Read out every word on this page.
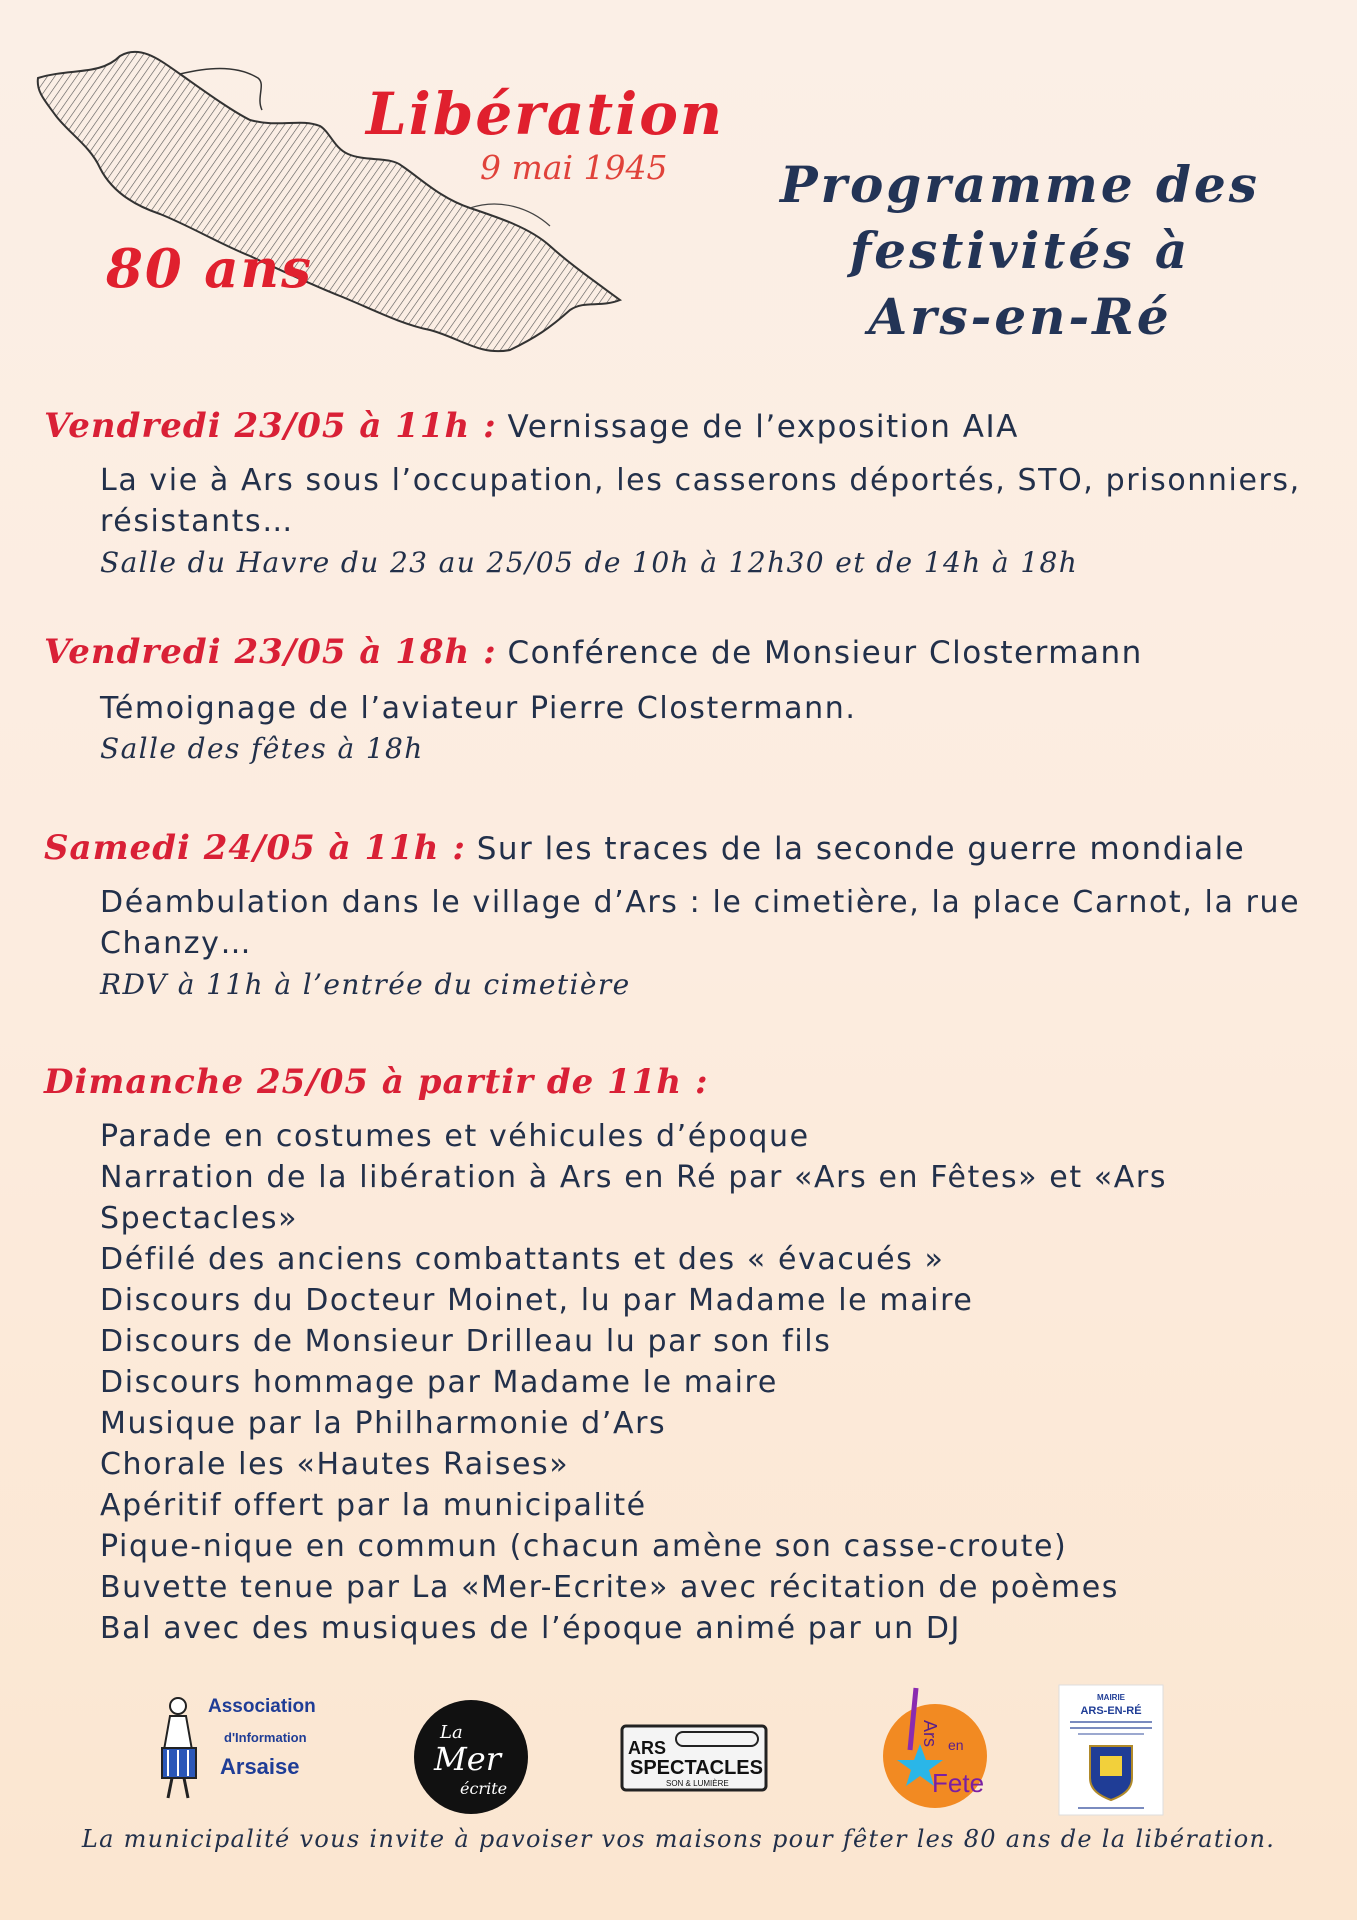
Libération
9 mai 1945
80 ans
Programme des
festivités à
Ars-en-Ré
Vendredi 23/05 à 11h : Vernissage de l’exposition AIA
La vie à Ars sous l’occupation, les casserons déportés, STO, prisonniers, résistants…
Salle du Havre du 23 au 25/05 de 10h à 12h30 et de 14h à 18h
Vendredi 23/05 à 18h : Conférence de Monsieur Clostermann
Témoignage de l’aviateur Pierre Clostermann.
Salle des fêtes à 18h
Samedi 24/05 à 11h : Sur les traces de la seconde guerre mondiale
Déambulation dans le village d’Ars : le cimetière, la place Carnot, la rue Chanzy…
RDV à 11h à l’entrée du cimetière
Dimanche 25/05 à partir de 11h :
Parade en costumes et véhicules d’époque
Narration de la libération à Ars en Ré par «Ars en Fêtes» et «Ars Spectacles»
Défilé des anciens combattants et des « évacués »
Discours du Docteur Moinet, lu par Madame le maire
Discours de Monsieur Drilleau lu par son fils
Discours hommage par Madame le maire
Musique par la Philharmonie d’Ars
Chorale les «Hautes Raises»
Apéritif offert par la municipalité
Pique-nique en commun (chacun amène son casse-croute)
Buvette tenue par La «Mer-Ecrite» avec récitation de poèmes
Bal avec des musiques de l’époque animé par un DJ
Association
d'Information
Arsaise
La
Mer
écrite
ARS
SPECTACLES
SON & LUMIÈRE
Ars en
Fete
MAIRIE
ARS-EN-RÉ
La municipalité vous invite à pavoiser vos maisons pour fêter les 80 ans de la libération.
